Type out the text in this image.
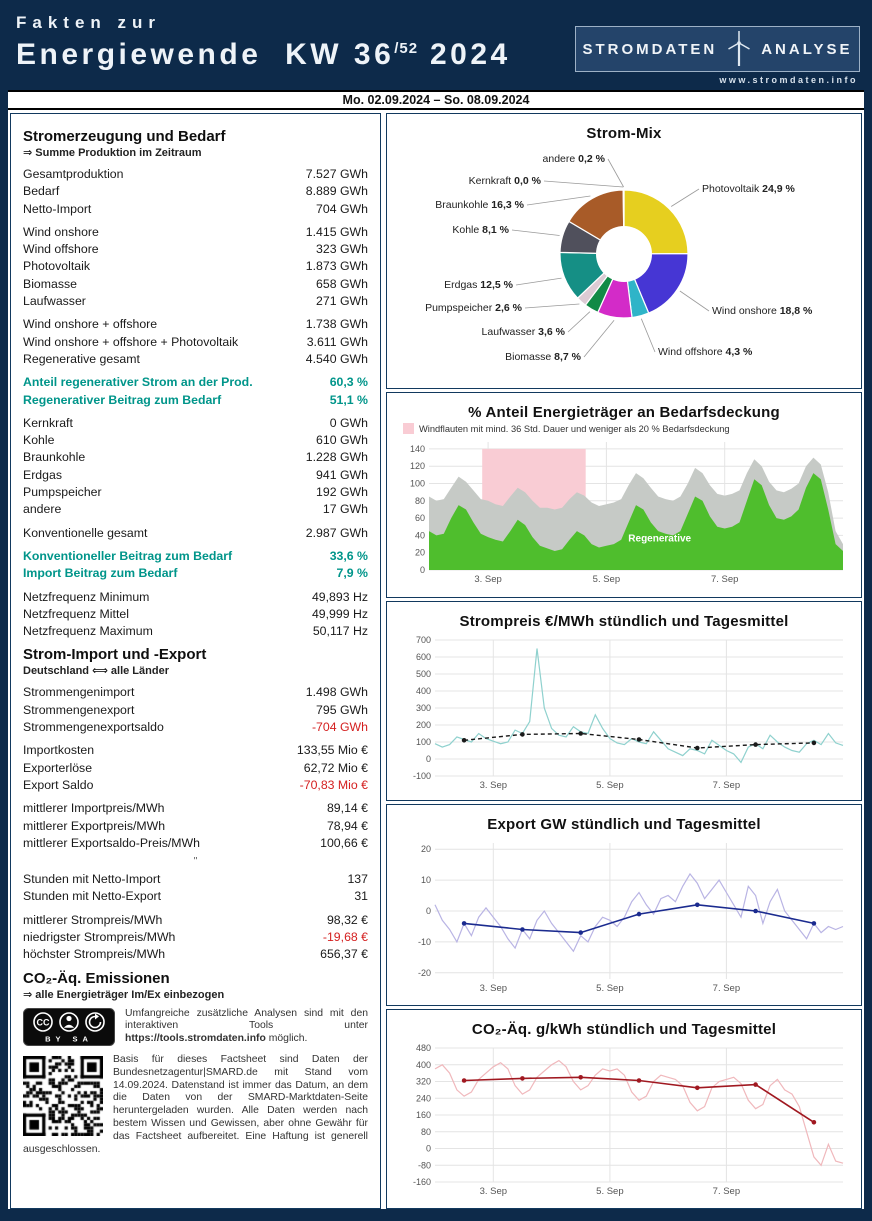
Fakten zur
Energiewende  KW $36^{/52}$ 2024	STROMDATEN	ANALYSE
www.stromdaten.info
Mo. 02.09.2024 – So. 08.09.2024
Stromerzeugung und Bedarf
⇒ Summe Produktion im Zeitraum
Gesamtproduktion	7.527 GWh
Bedarf	8.889 GWh
Netto-Import	704 GWh
Wind onshore	1.415 GWh
Wind offshore	323 GWh
Photovoltaik	1.873 GWh
Biomasse	658 GWh
Laufwasser	271 GWh
Wind onshore + offshore	1.738 GWh
Wind onshore + offshore + Photovoltaik	3.611 GWh
Regenerative gesamt	4.540 GWh
Anteil regenerativer Strom an der Prod.	60,3 %
Regenerativer Beitrag zum Bedarf	51,1 %
Kernkraft	0 GWh
Kohle	610 GWh
Braunkohle	1.228 GWh
Erdgas	941 GWh
Pumpspeicher	192 GWh
andere	17 GWh
Konventionelle gesamt	2.987 GWh
Konventioneller Beitrag zum Bedarf	33,6 %
Import Beitrag zum Bedarf	7,9 %
Netzfrequenz Minimum	49,893 Hz
Netzfrequenz Mittel	49,999 Hz
Netzfrequenz Maximum	50,117 Hz
Strom-Import und -Export
Deutschland ⟺ alle Länder
Strommengenimport	1.498 GWh
Strommengenexport	795 GWh
Strommengenexportsaldo	-704 GWh
Importkosten	133,55 Mio €
Exporterlöse	62,72 Mio €
Export Saldo	-70,83 Mio €
mittlerer Importpreis/MWh	89,14 €
mittlerer Exportpreis/MWh	78,94 €
mittlerer Exportsaldo-Preis/MWh	100,66 €
"
Stunden mit Netto-Import	137
Stunden mit Netto-Export	31
mittlerer Strompreis/MWh	98,32 €
niedrigster Strompreis/MWh	-19,68 €
höchster Strompreis/MWh	656,37 €
CO₂-Äq. Emissionen
⇒ alle Energieträger Im/Ex einbezogen
CC
BY SA

Umfangreiche zusätzliche Analysen sind mit den interaktiven Tools unter https://tools.stromdaten.info möglich.

Basis für dieses Factsheet sind Daten der Bundesnetzagentur|SMARD.de mit Stand vom 14.09.2024. Datenstand ist immer das Datum, an dem die Daten von der SMARD-Marktdaten-Seite heruntergeladen wurden. Alle Daten werden nach bestem Wissen und Gewissen, aber ohne Gewähr für das Factsheet aufbereitet. Eine Haftung ist generell ausgeschlossen.

Strom-Mix
Photovoltaik 24,9 %
Wind onshore 18,8 %
Wind offshore 4,3 %
Biomasse 8,7 %
Laufwasser 3,6 %
Pumpspeicher 2,6 %
Erdgas 12,5 %
Kohle 8,1 %
Braunkohle 16,3 %
Kernkraft 0,0 %
andere 0,2 %
% Anteil Energieträger an Bedarfsdeckung
Windflauten mit mind. 36 Std. Dauer und weniger als 20 % Bedarfsdeckung
0
20
40
60
80
100
120
140
3. Sep	5. Sep	7. Sep
Regenerative
Strompreis €/MWh stündlich und Tagesmittel
-100
0
100
200
300
400
500
600
700
3. Sep	5. Sep	7. Sep
Export GW stündlich und Tagesmittel
-20
-10
0
10
20
3. Sep	5. Sep	7. Sep
CO₂-Äq. g/kWh stündlich und Tagesmittel
-160
-80
0
80
160
240
320
400
480
3. Sep	5. Sep	7. Sep
